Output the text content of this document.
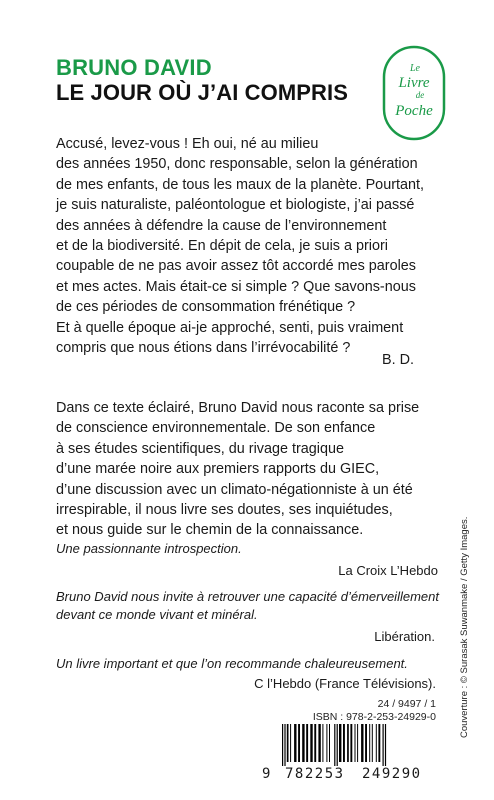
BRUNO DAVID
LE JOUR OÙ J’AI COMPRIS
Le
Livre
de
Poche
Accusé, levez-vous ! Eh oui, né au milieu
des années 1950, donc responsable, selon la génération
de mes enfants, de tous les maux de la planète. Pourtant,
je suis naturaliste, paléontologue et biologiste, j’ai passé
des années à défendre la cause de l’environnement
et de la biodiversité. En dépit de cela, je suis a priori
coupable de ne pas avoir assez tôt accordé mes paroles
et mes actes. Mais était-ce si simple ? Que savons-nous
de ces périodes de consommation frénétique ?
Et à quelle époque ai-je approché, senti, puis vraiment
compris que nous étions dans l’irrévocabilité ?
B. D.
Dans ce texte éclairé, Bruno David nous raconte sa prise
de conscience environnementale. De son enfance
à ses études scientifiques, du rivage tragique
d’une marée noire aux premiers rapports du GIEC,
d’une discussion avec un climato-négationniste à un été
irrespirable, il nous livre ses doutes, ses inquiétudes,
et nous guide sur le chemin de la connaissance.
Une passionnante introspection.
La Croix L’Hebdo
Bruno David nous invite à retrouver une capacité d’émerveillement
devant ce monde vivant et minéral.
Libération.
Un livre important et que l’on recommande chaleureusement.
C l’Hebdo (France Télévisions). Couverture : © Surasak Suwanmake / Getty Images.
24 / 9497 / 1
ISBN : 978-2-253-24929-0
9 782253 249290
